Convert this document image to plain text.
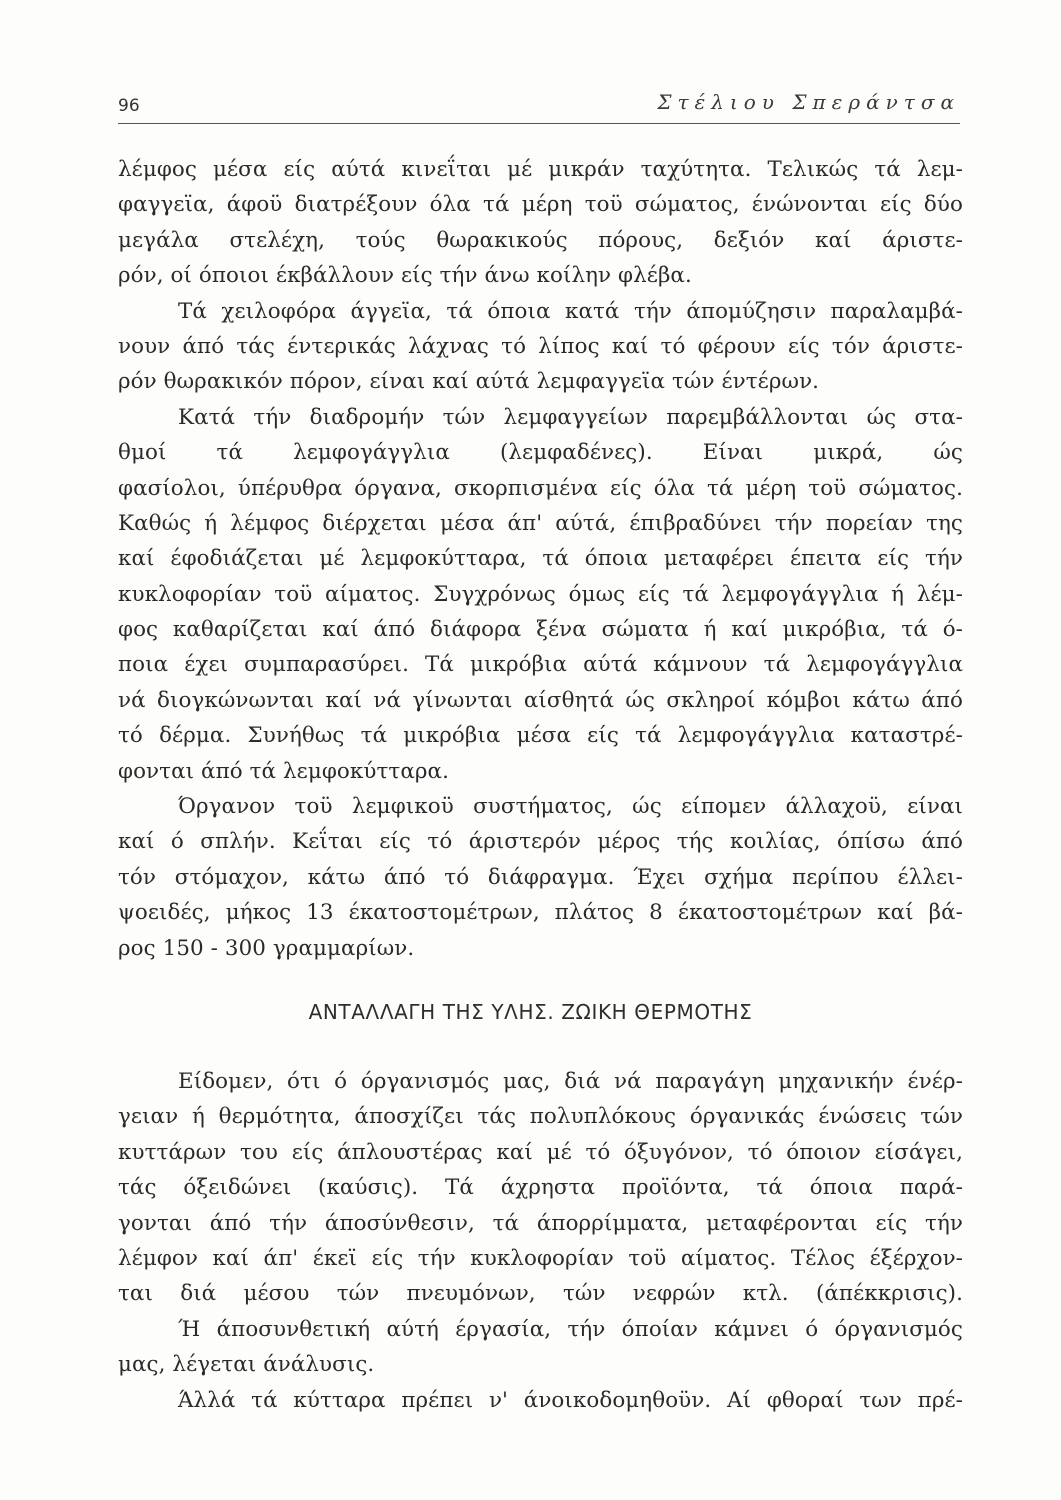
96	Στέλιου Σπεράντσα
λέμφος μέσα είς αύτά κινεΐται μέ μικράν ταχύτητα. Τελικώς τά λεμ-
φαγγεϊα, άφοϋ διατρέξουν όλα τά μέρη τοϋ σώματος, ένώνονται είς δύο
μεγάλα στελέχη, τούς θωρακικούς πόρους, δεξιόν καί άριστε-
ρόν, οί όποιοι έκβάλλουν είς τήν άνω κοίλην φλέβα.
Τά χειλοφόρα άγγεϊα, τά όποια κατά τήν άπομύζησιν παραλαμβά-
νουν άπό τάς έντερικάς λάχνας τό λίπος καί τό φέρουν είς τόν άριστε-
ρόν θωρακικόν πόρον, είναι καί αύτά λεμφαγγεϊα τών έντέρων.
Κατά τήν διαδρομήν τών λεμφαγγείων παρεμβάλλονται ώς στα-
θμοί τά λεμφογάγγλια (λεμφαδένες). Είναι μικρά, ώς
φασίολοι, ύπέρυθρα όργανα, σκορπισμένα είς όλα τά μέρη τοϋ σώματος.
Καθώς ή λέμφος διέρχεται μέσα άπ' αύτά, έπιβραδύνει τήν πορείαν της
καί έφοδιάζεται μέ λεμφοκύτταρα, τά όποια μεταφέρει έπειτα είς τήν
κυκλοφορίαν τοϋ αίματος. Συγχρόνως όμως είς τά λεμφογάγγλια ή λέμ-
φος καθαρίζεται καί άπό διάφορα ξένα σώματα ή καί μικρόβια, τά ό-
ποια έχει συμπαρασύρει. Τά μικρόβια αύτά κάμνουν τά λεμφογάγγλια
νά διογκώνωνται καί νά γίνωνται αίσθητά ώς σκληροί κόμβοι κάτω άπό
τό δέρμα. Συνήθως τά μικρόβια μέσα είς τά λεμφογάγγλια καταστρέ-
φονται άπό τά λεμφοκύτταρα.
Όργανον τοϋ λεμφικοϋ συστήματος, ώς είπομεν άλλαχοϋ, είναι
καί ό σπλήν. Κεΐται είς τό άριστερόν μέρος τής κοιλίας, όπίσω άπό
τόν στόμαχον, κάτω άπό τό διάφραγμα. Έχει σχήμα περίπου έλλει-
ψοειδές, μήκος 13 έκατοστομέτρων, πλάτος 8 έκατοστομέτρων καί βά-
ρος 150 - 300 γραμμαρίων.
ΑΝΤΑΛΛΑΓΗ ΤΗΣ ΥΛΗΣ. ΖΩΙΚΗ ΘΕΡΜΟΤΗΣ
Είδομεν, ότι ό όργανισμός μας, διά νά παραγάγη μηχανικήν ένέρ-
γειαν ή θερμότητα, άποσχίζει τάς πολυπλόκους όργανικάς ένώσεις τών
κυττάρων του είς άπλουστέρας καί μέ τό όξυγόνον, τό όποιον είσάγει,
τάς όξειδώνει (καύσις). Τά άχρηστα προϊόντα, τά όποια παρά-
γονται άπό τήν άποσύνθεσιν, τά άπορρίμματα, μεταφέρονται είς τήν
λέμφον καί άπ' έκεϊ είς τήν κυκλοφορίαν τοϋ αίματος. Τέλος έξέρχον-
ται διά μέσου τών πνευμόνων, τών νεφρών κτλ. (άπέκκρισις).
Ή άποσυνθετική αύτή έργασία, τήν όποίαν κάμνει ό όργανισμός
μας, λέγεται άνάλυσις.
Άλλά τά κύτταρα πρέπει ν' άνοικοδομηθοϋν. Αί φθοραί των πρέ-
